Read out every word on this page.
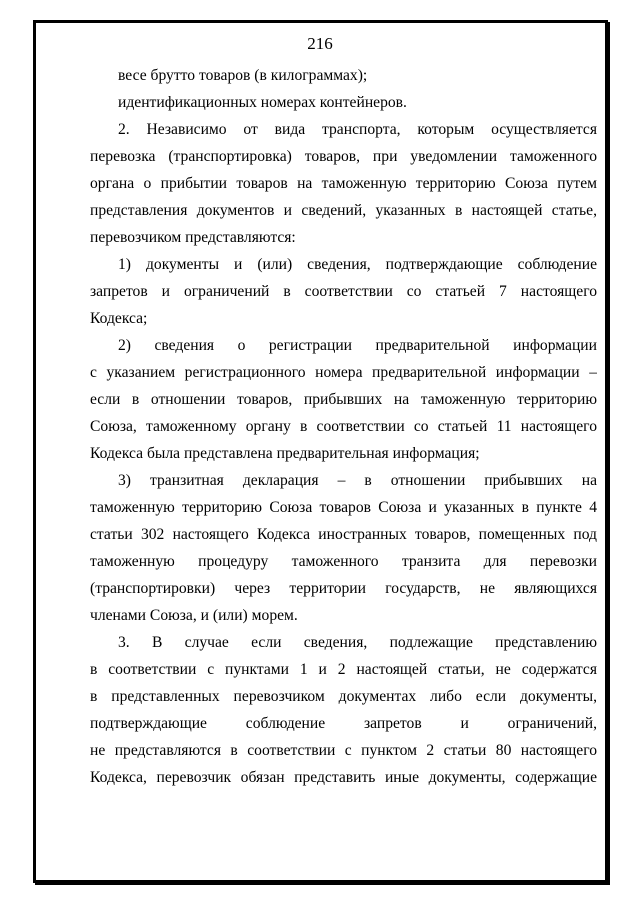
216
весе брутто товаров (в килограммах);
идентификационных номерах контейнеров.
2. Независимо от вида транспорта, которым осуществляется
перевозка (транспортировка) товаров, при уведомлении таможенного
органа о прибытии товаров на таможенную территорию Союза путем
представления документов и сведений, указанных в настоящей статье,
перевозчиком представляются:
1) документы и (или) сведения, подтверждающие соблюдение
запретов и ограничений в соответствии со статьей 7 настоящего
Кодекса;
2) сведения о регистрации предварительной информации
с указанием регистрационного номера предварительной информации –
если в отношении товаров, прибывших на таможенную территорию
Союза, таможенному органу в соответствии со статьей 11 настоящего
Кодекса была представлена предварительная информация;
3) транзитная декларация – в отношении прибывших на
таможенную территорию Союза товаров Союза и указанных в пункте 4
статьи 302 настоящего Кодекса иностранных товаров, помещенных под
таможенную процедуру таможенного транзита для перевозки
(транспортировки) через территории государств, не являющихся
членами Союза, и (или) морем.
3. В случае если сведения, подлежащие представлению
в соответствии с пунктами 1 и 2 настоящей статьи, не содержатся
в представленных перевозчиком документах либо если документы,
подтверждающие соблюдение запретов и ограничений,
не представляются в соответствии с пунктом 2 статьи 80 настоящего
Кодекса, перевозчик обязан представить иные документы, содержащие
